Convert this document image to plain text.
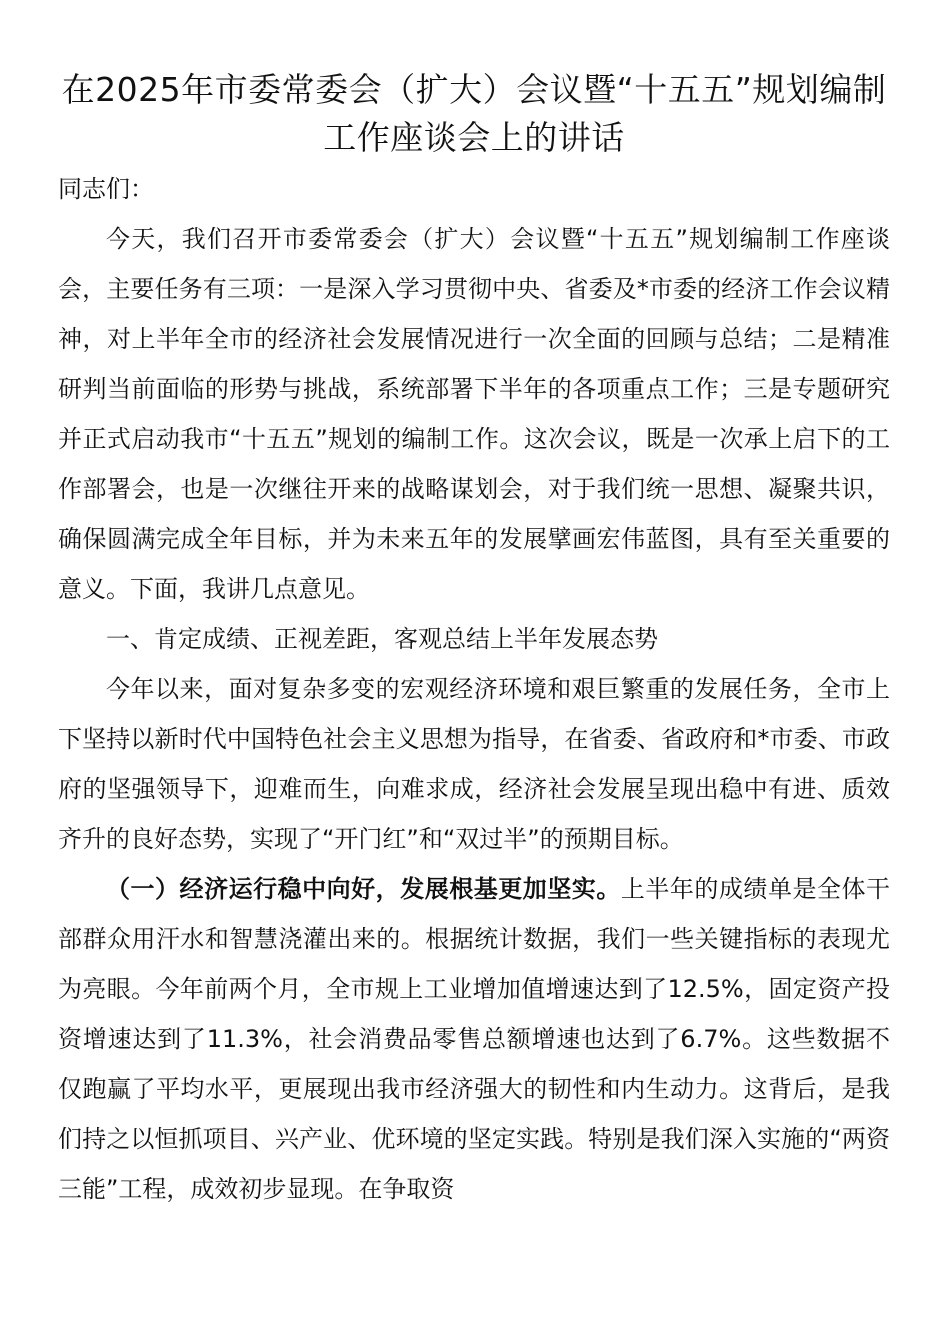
在2025年市委常委会（扩大）会议暨“十五五”规划编制工作座谈会上的讲话

同志们：

今天，我们召开市委常委会（扩大）会议暨“十五五”规划编制工作座谈会，主要任务有三项：一是深入学习贯彻中央、省委及*市委的经济工作会议精神，对上半年全市的经济社会发展情况进行一次全面的回顾与总结；二是精准研判当前面临的形势与挑战，系统部署下半年的各项重点工作；三是专题研究并正式启动我市“十五五”规划的编制工作。这次会议，既是一次承上启下的工作部署会，也是一次继往开来的战略谋划会，对于我们统一思想、凝聚共识，确保圆满完成全年目标，并为未来五年的发展擘画宏伟蓝图，具有至关重要的意义。下面，我讲几点意见。

一、肯定成绩、正视差距，客观总结上半年发展态势

今年以来，面对复杂多变的宏观经济环境和艰巨繁重的发展任务，全市上下坚持以新时代中国特色社会主义思想为指导，在省委、省政府和*市委、市政府的坚强领导下，迎难而生，向难求成，经济社会发展呈现出稳中有进、质效齐升的良好态势，实现了“开门红”和“双过半”的预期目标。

（一）经济运行稳中向好，发展根基更加坚实。上半年的成绩单是全体干部群众用汗水和智慧浇灌出来的。根据统计数据，我们一些关键指标的表现尤为亮眼。今年前两个月，全市规上工业增加值增速达到了12.5%，固定资产投资增速达到了11.3%，社会消费品零售总额增速也达到了6.7%。这些数据不仅跑赢了平均水平，更展现出我市经济强大的韧性和内生动力。这背后，是我们持之以恒抓项目、兴产业、优环境的坚定实践。特别是我们深入实施的“两资三能”工程，成效初步显现。在争取资
